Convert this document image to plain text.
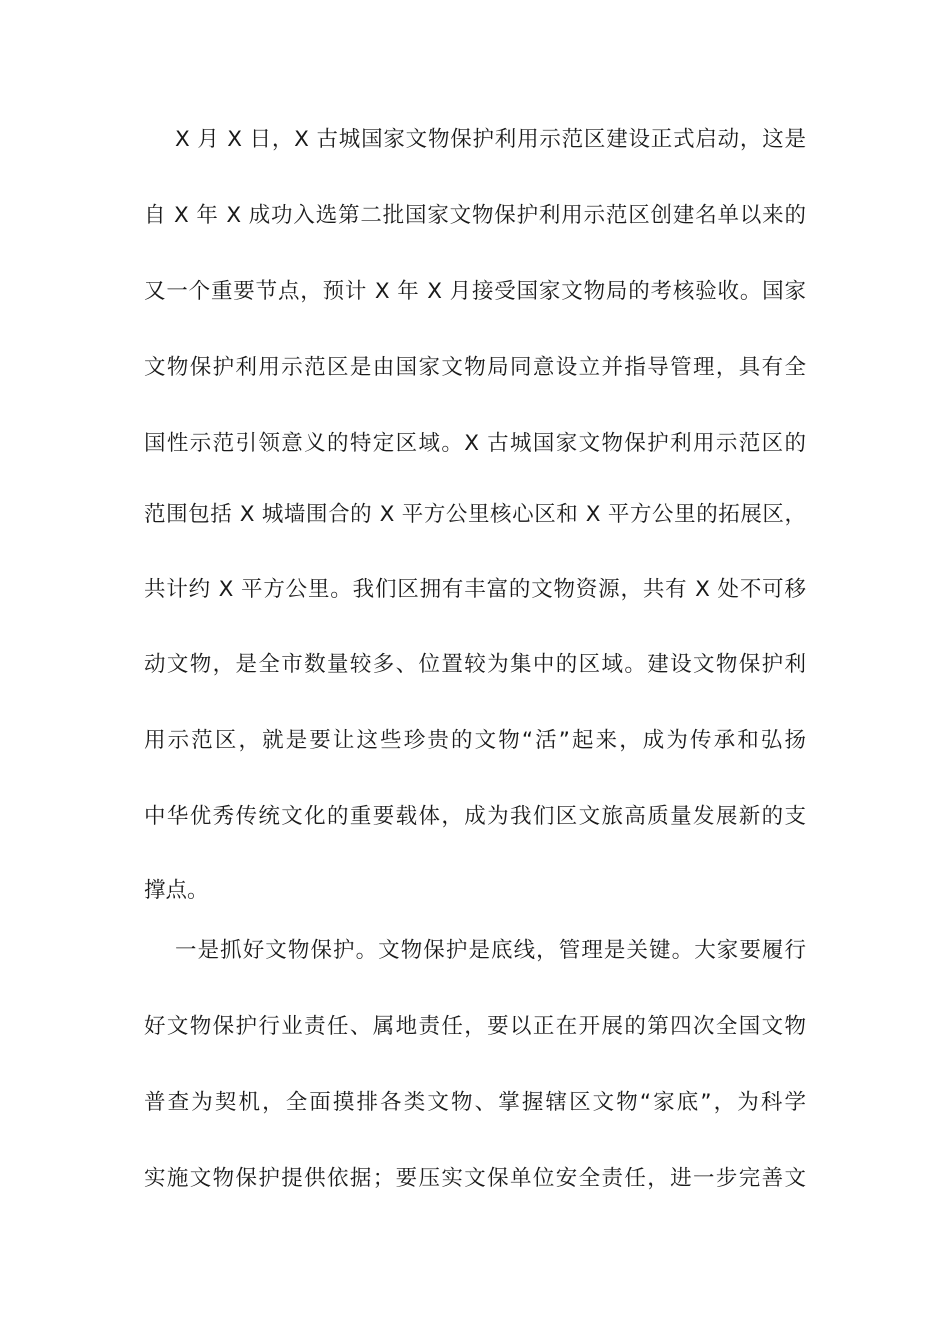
X 月 X 日，X 古城国家文物保护利用示范区建设正式启动，这是
自 X 年 X 成功入选第二批国家文物保护利用示范区创建名单以来的
又一个重要节点，预计 X 年 X 月接受国家文物局的考核验收。国家
文物保护利用示范区是由国家文物局同意设立并指导管理，具有全
国性示范引领意义的特定区域。X 古城国家文物保护利用示范区的
范围包括 X 城墙围合的 X 平方公里核心区和 X 平方公里的拓展区，
共计约 X 平方公里。我们区拥有丰富的文物资源，共有 X 处不可移
动文物，是全市数量较多、位置较为集中的区域。建设文物保护利
用示范区，就是要让这些珍贵的文物“活”起来，成为传承和弘扬
中华优秀传统文化的重要载体，成为我们区文旅高质量发展新的支
撑点。
一是抓好文物保护。文物保护是底线，管理是关键。大家要履行
好文物保护行业责任、属地责任，要以正在开展的第四次全国文物
普查为契机，全面摸排各类文物、掌握辖区文物“家底”，为科学
实施文物保护提供依据；要压实文保单位安全责任，进一步完善文
